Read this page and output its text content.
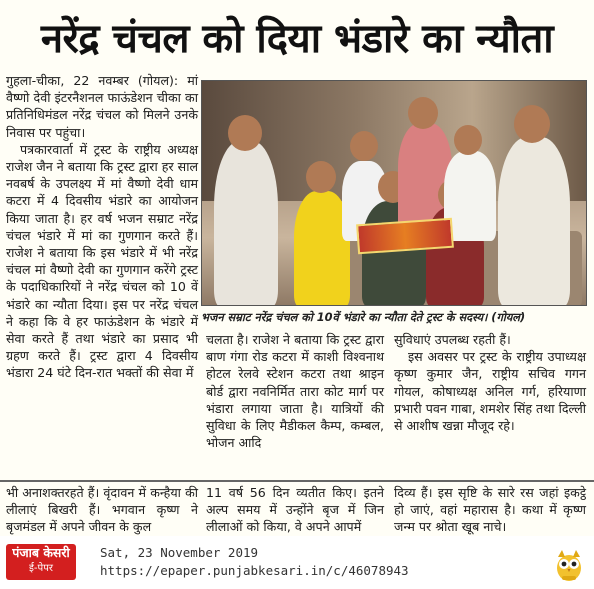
नरेंद्र चंचल को दिया भंडारे का न्यौता

गुहला-चीका, 22 नवम्बर (गोयल): मां वैष्णो देवी इंटरनैशनल फाऊंडेशन चीका का प्रतिनिधिमंडल नरेंद्र चंचल को मिलने उनके निवास पर पहुंचा।

पत्रकारवार्ता में ट्रस्ट के राष्ट्रीय अध्यक्ष राजेश जैन ने बताया कि ट्रस्ट द्वारा हर साल नवबर्ष के उपलक्ष्य में मां वैष्णो देवी धाम कटरा में 4 दिवसीय भंडारे का आयोजन किया जाता है। हर वर्ष भजन सम्राट नरेंद्र चंचल भंडारे में मां का गुणगान करते हैं। राजेश ने बताया कि इस भंडारे में भी नरेंद्र चंचल मां वैष्णो देवी का गुणगान करेंगे ट्रस्ट के पदाधिकारियों ने नरेंद्र चंचल को 10 वें भंडारे का न्यौता दिया। इस पर नरेंद्र चंचल ने कहा कि वे हर फाऊंडेशन के भंडारे में सेवा करते हैं तथा भंडारे का प्रसाद भी ग्रहण करते हैं। ट्रस्ट द्वारा 4 दिवसीय भंडारा 24 घंटे दिन-रात भक्तों की सेवा में

भजन सम्राट नरेंद्र चंचल को 10वें भंडारे का न्यौता देते ट्रस्ट के सदस्य। (गोयल)

चलता है। राजेश ने बताया कि ट्रस्ट द्वारा बाण गंगा रोड कटरा में काशी विश्वनाथ होटल रेलवे स्टेशन कटरा तथा श्राइन बोर्ड द्वारा नवनिर्मित तारा कोट मार्ग पर भंडारा लगाया जाता है। यात्रियों की सुविधा के लिए मैडीकल कैम्प, कम्बल, भोजन आदि

सुविधाएं उपलब्ध रहती हैं।

इस अवसर पर ट्रस्ट के राष्ट्रीय उपाध्यक्ष कृष्ण कुमार जैन, राष्ट्रीय सचिव गगन गोयल, कोषाध्यक्ष अनिल गर्ग, हरियाणा प्रभारी पवन गाबा, शमशेर सिंह तथा दिल्ली से आशीष खन्ना मौजूद रहे।

भी अनाशक्तरहते हैं। वृंदावन में कन्हैया की लीलाएं बिखरी हैं। भगवान कृष्ण ने बृजमंडल में अपने जीवन के कुल
11 वर्ष 56 दिन व्यतीत किए। इतने अल्प समय में उन्होंने बृज में जिन लीलाओं को किया, वे अपने आपमें
दिव्य हैं। इस सृष्टि के सारे रस जहां इकट्ठे हो जाएं, वहां महारास है। कथा में कृष्ण जन्म पर श्रोता खूब नाचे।
पंजाब केसरी
ई-पेपर
Sat, 23 November 2019
https://epaper.punjabkesari.in/c/46078943
